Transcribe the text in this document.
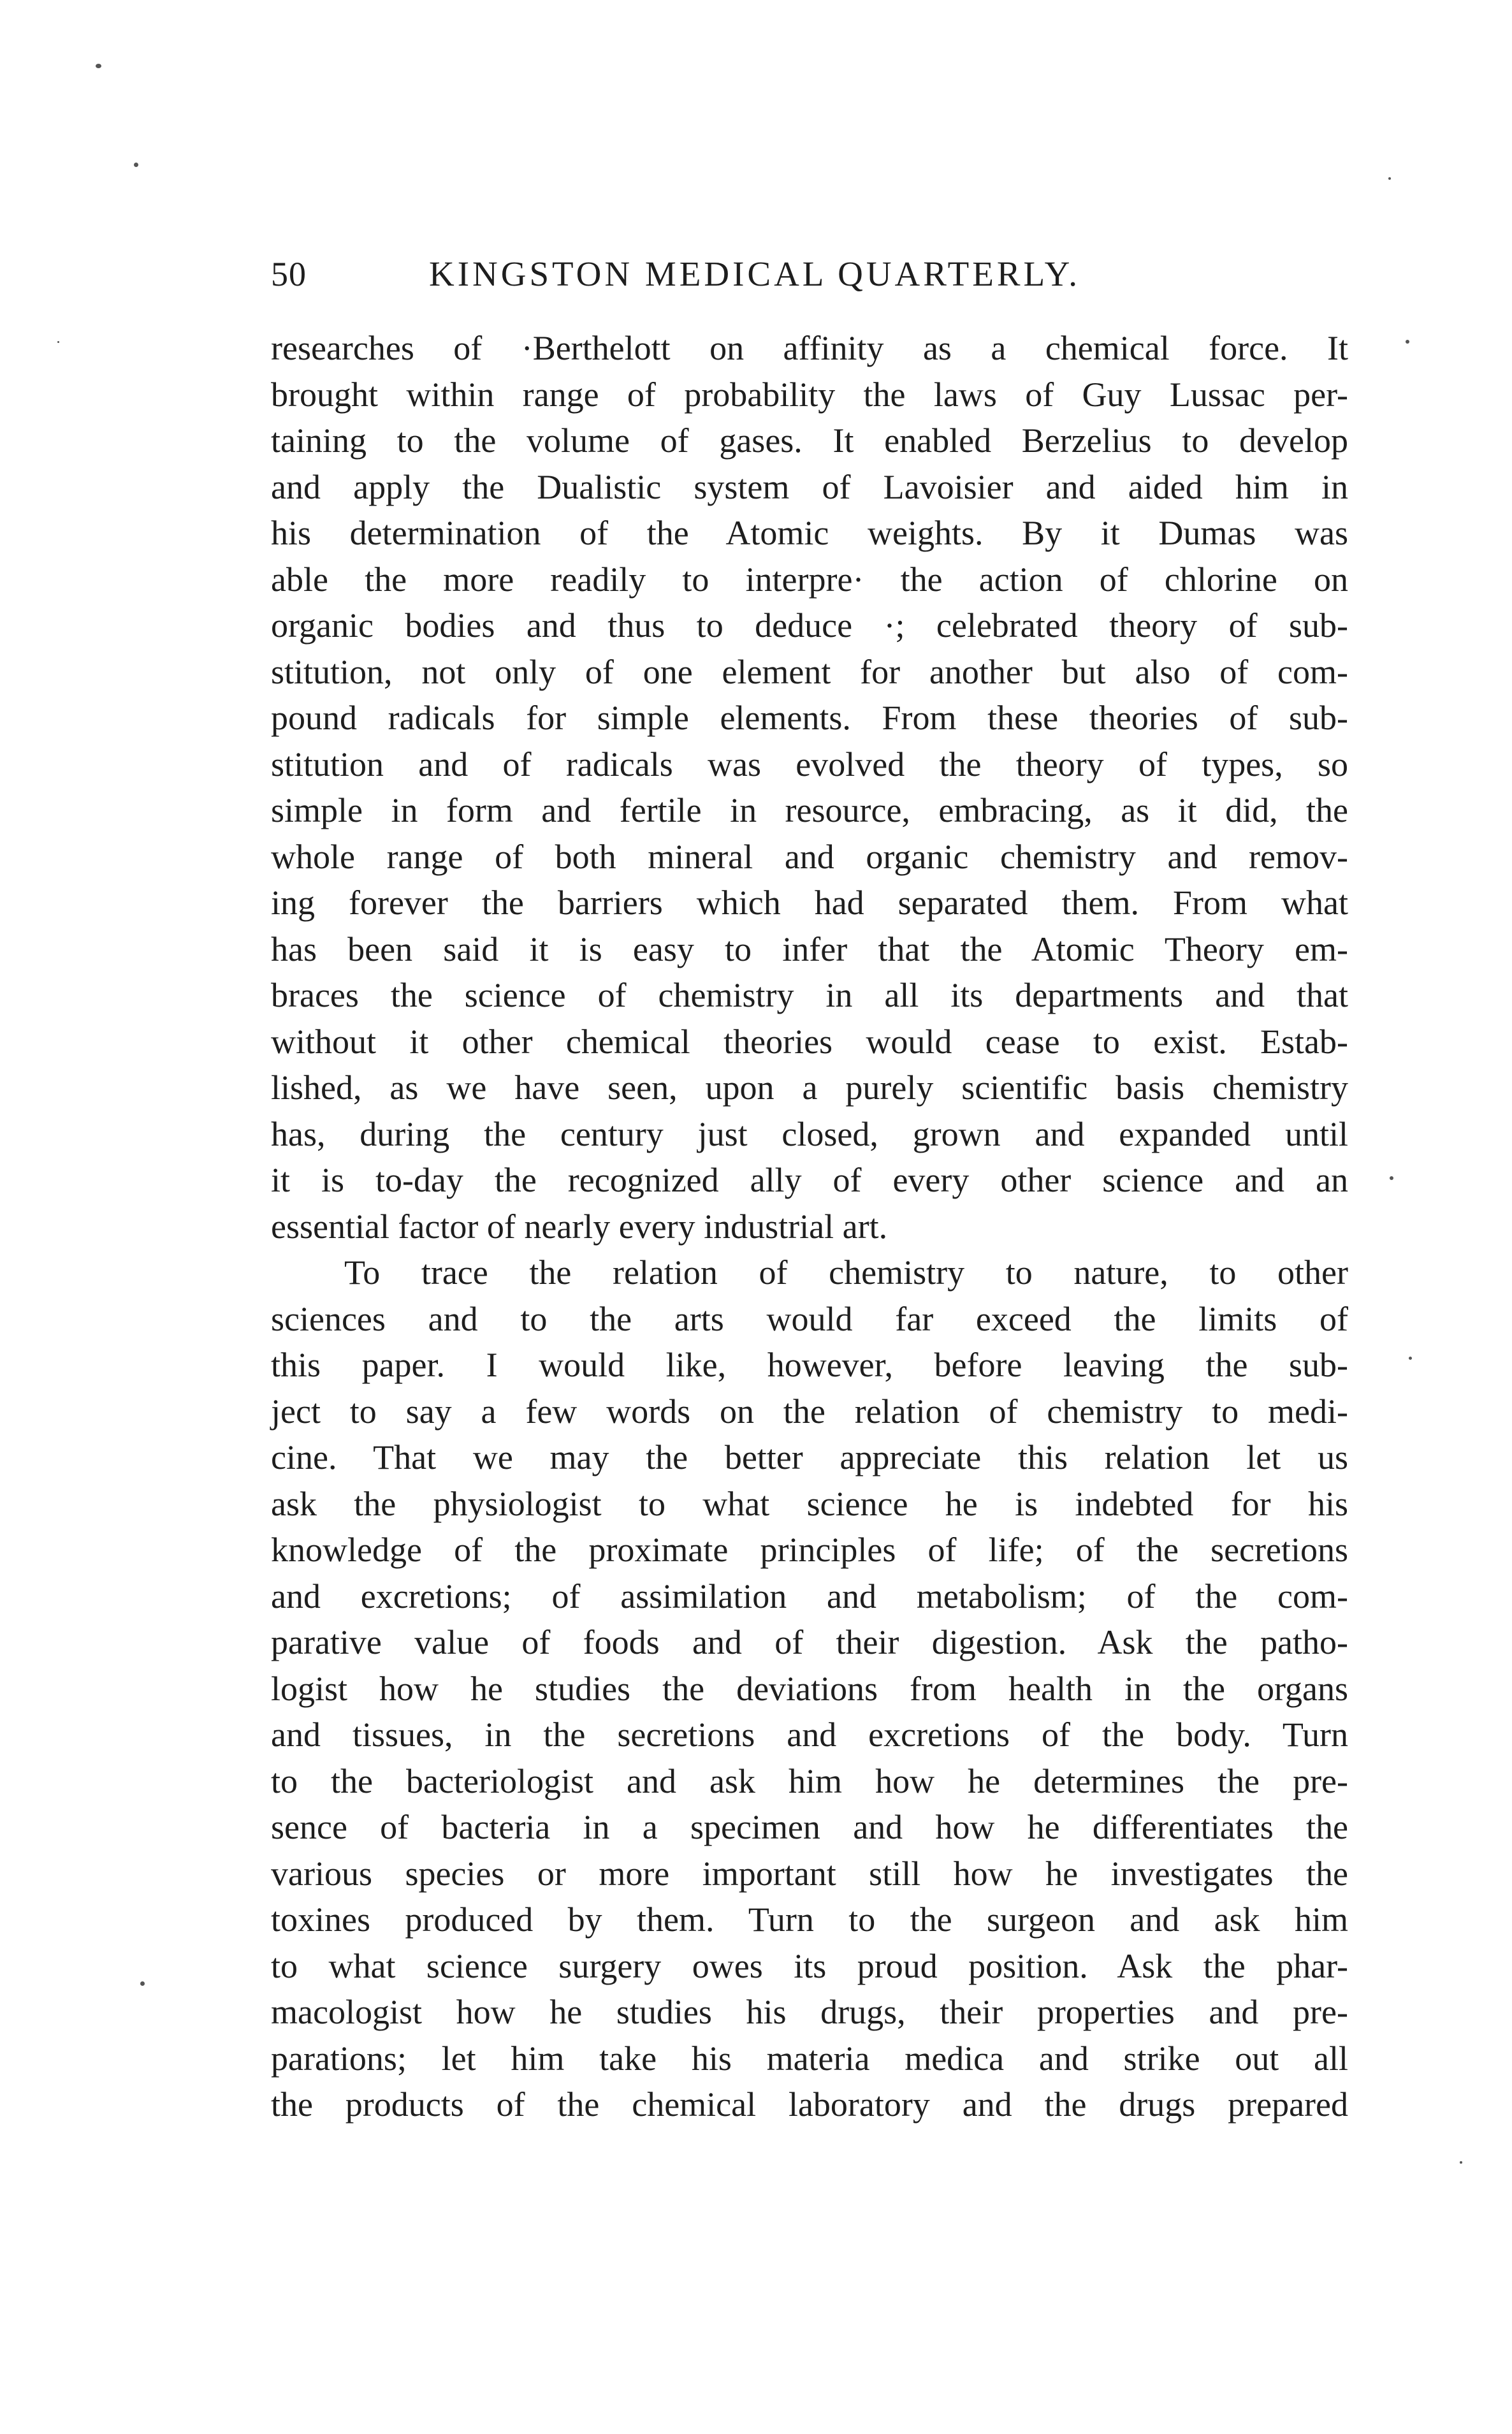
50	KINGSTON MEDICAL QUARTERLY.
researches of ·Berthelott on affinity as a chemical force. It
brought within range of probability the laws of Guy Lussac per-
taining to the volume of gases. It enabled Berzelius to develop
and apply the Dualistic system of Lavoisier and aided him in
his determination of the Atomic weights. By it Dumas was
able the more readily to interpre· the action of chlorine on
organic bodies and thus to deduce ·; celebrated theory of sub-
stitution, not only of one element for another but also of com-
pound radicals for simple elements. From these theories of sub-
stitution and of radicals was evolved the theory of types, so
simple in form and fertile in resource, embracing, as it did, the
whole range of both mineral and organic chemistry and remov-
ing forever the barriers which had separated them. From what
has been said it is easy to infer that the Atomic Theory em-
braces the science of chemistry in all its departments and that
without it other chemical theories would cease to exist. Estab-
lished, as we have seen, upon a purely scientific basis chemistry
has, during the century just closed, grown and expanded until
it is to-day the recognized ally of every other science and an
essential factor of nearly every industrial art.
To trace the relation of chemistry to nature, to other
sciences and to the arts would far exceed the limits of
this paper. I would like, however, before leaving the sub-
ject to say a few words on the relation of chemistry to medi-
cine. That we may the better appreciate this relation let us
ask the physiologist to what science he is indebted for his
knowledge of the proximate principles of life; of the secretions
and excretions; of assimilation and metabolism; of the com-
parative value of foods and of their digestion. Ask the patho-
logist how he studies the deviations from health in the organs
and tissues, in the secretions and excretions of the body. Turn
to the bacteriologist and ask him how he determines the pre-
sence of bacteria in a specimen and how he differentiates the
various species or more important still how he investigates the
toxines produced by them. Turn to the surgeon and ask him
to what science surgery owes its proud position. Ask the phar-
macologist how he studies his drugs, their properties and pre-
parations; let him take his materia medica and strike out all
the products of the chemical laboratory and the drugs prepared
